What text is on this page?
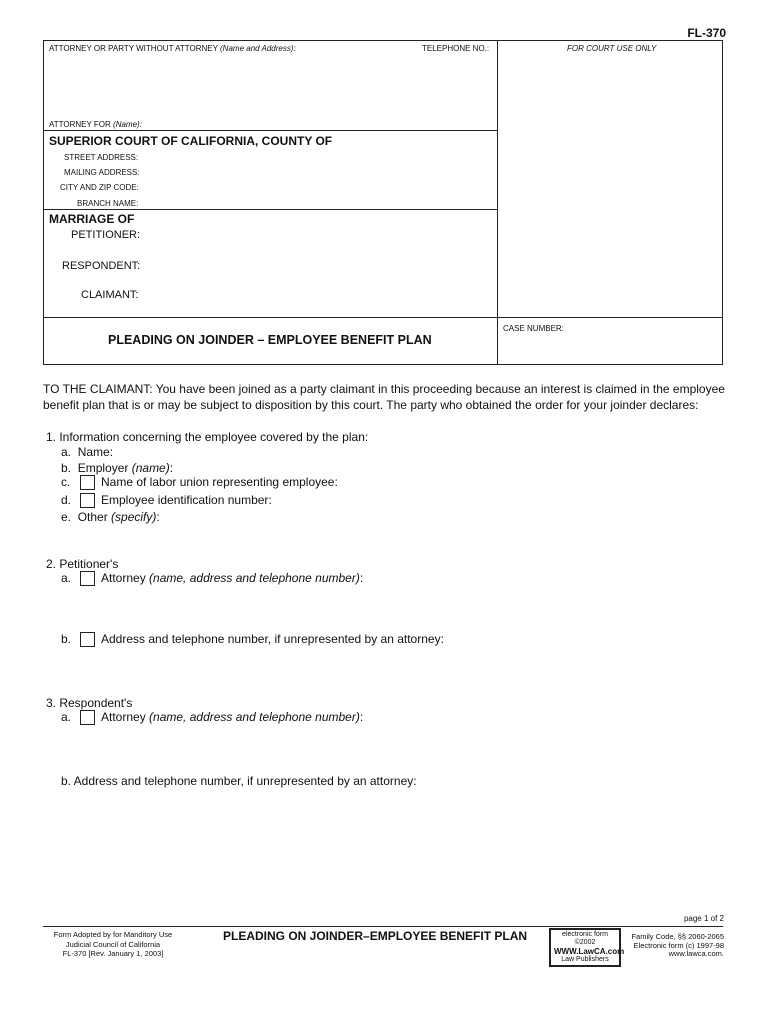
FL-370
ATTORNEY OR PARTY WITHOUT ATTORNEY (Name and Address):	TELEPHONE NO.:	FOR COURT USE ONLY
ATTORNEY FOR (Name):
SUPERIOR COURT OF CALIFORNIA, COUNTY OF
STREET ADDRESS:
MAILING ADDRESS:
CITY AND ZIP CODE:
BRANCH NAME:
MARRIAGE OF
PETITIONER:
RESPONDENT:
CLAIMANT:
PLEADING ON JOINDER – EMPLOYEE BENEFIT PLAN
CASE NUMBER:
TO THE CLAIMANT: You have been joined as a party claimant in this proceeding because an interest is claimed in the employee benefit plan that is or may be subject to disposition by this court. The party who obtained the order for your joinder declares:
1. Information concerning the employee covered by the plan:
a. Name:
b. Employer (name):
c.	Name of labor union representing employee:
d. Employee identification number:
e. Other (specify):
2. Petitioner's
a. Attorney (name, address and telephone number):
b. Address and telephone number, if unrepresented by an attorney:
3. Respondent's
a. Attorney (name, address and telephone number):
b. Address and telephone number, if unrepresented by an attorney:
page 1 of 2
Form Adopted by for Manditory Use
Judicial Council of California
FL-370 [Rev. January 1, 2003]
PLEADING ON JOINDER–EMPLOYEE BENEFIT PLAN	electronic form ©2002
WWW.LawCA.com
Law Publishers
Family Code, §§ 2060-2065
Electronic form (c) 1997-98
www.lawca.com.
